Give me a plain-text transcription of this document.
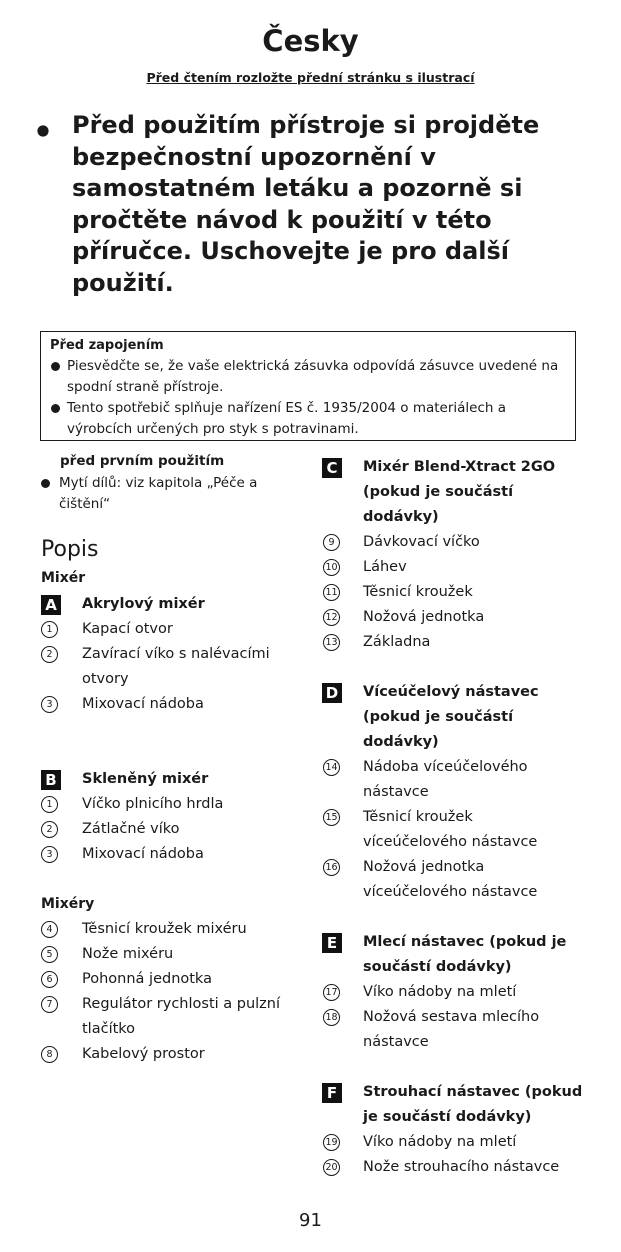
Česky
Před čtením rozložte přední stránku s ilustrací
Před použitím přístroje si projděte bezpečnostní upozornění v samostatném letáku a pozorně si pročtěte návod k použití v této příručce. Uschovejte je pro další použití.
Před zapojením
Piesvědčte se, že vaše elektrická zásuvka odpovídá zásuvce uvedené na spodní straně přístroje.
Tento spotřebič splňuje nařízení ES č. 1935/2004 o materiálech a výrobcích určených pro styk s potravinami.
před prvním použitím
Mytí dílů: viz kapitola „Péče a čištění“
Popis
Mixér
A Akrylový mixér
1	Kapací otvor
2	Zavírací víko s nalévacími otvory
3	Mixovací nádoba
B Skleněný mixér
1	Víčko plnicího hrdla
2	Zátlačné víko
3	Mixovací nádoba
Mixéry
4	Těsnicí kroužek mixéru
5	Nože mixéru
6	Pohonná jednotka
7	Regulátor rychlosti a pulzní tlačítko
8	Kabelový prostor
C	Mixér Blend-Xtract 2GO (pokud je součástí dodávky)
9	Dávkovací víčko
10 Láhev
11 Těsnicí kroužek
12 Nožová jednotka
13 Základna
D Víceúčelový nástavec (pokud je součástí dodávky)
14 Nádoba víceúčelového nástavce
15 Těsnicí kroužek víceúčelového nástavce
16 Nožová jednotka víceúčelového nástavce
E	Mlecí nástavec (pokud je součástí dodávky)
17 Víko nádoby na mletí
18 Nožová sestava mlecího nástavce
F	Strouhací nástavec (pokud je součástí dodávky)
19 Víko nádoby na mletí
20 Nože strouhacího nástavce
91
